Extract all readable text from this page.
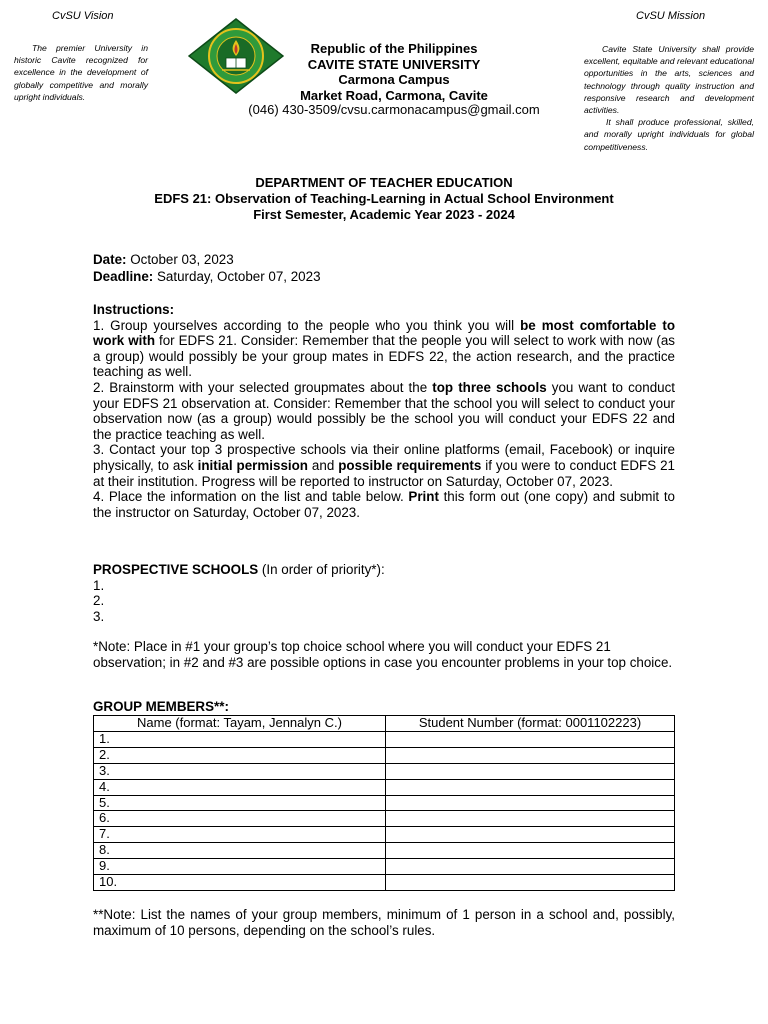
CvSU Vision
The premier University in historic Cavite recognized for excellence in the development of globally competitive and morally upright individuals.
CvSU Mission
Cavite State University shall provide excellent, equitable and relevant educational opportunities in the arts, sciences and technology through quality instruction and responsive research and development activities.
It shall produce professional, skilled, and morally upright individuals for global competitiveness.
Republic of the Philippines
CAVITE STATE UNIVERSITY
Carmona Campus
Market Road, Carmona, Cavite
(046) 430-3509/cvsu.carmonacampus@gmail.com
DEPARTMENT OF TEACHER EDUCATION
EDFS 21: Observation of Teaching-Learning in Actual School Environment
First Semester, Academic Year 2023 - 2024
Date: October 03, 2023
Deadline: Saturday, October 07, 2023
Instructions:
1. Group yourselves according to the people who you think you will be most comfortable to work with for EDFS 21. Consider: Remember that the people you will select to work with now (as a group) would possibly be your group mates in EDFS 22, the action research, and the practice teaching as well.
2. Brainstorm with your selected groupmates about the top three schools you want to conduct your EDFS 21 observation at. Consider: Remember that the school you will select to conduct your observation now (as a group) would possibly be the school you will conduct your EDFS 22 and the practice teaching as well.
3. Contact your top 3 prospective schools via their online platforms (email, Facebook) or inquire physically, to ask initial permission and possible requirements if you were to conduct EDFS 21 at their institution. Progress will be reported to instructor on Saturday, October 07, 2023.
4. Place the information on the list and table below. Print this form out (one copy) and submit to the instructor on Saturday, October 07, 2023.
PROSPECTIVE SCHOOLS (In order of priority*):
1.
2.
3.
*Note: Place in #1 your group’s top choice school where you will conduct your EDFS 21 observation; in #2 and #3 are possible options in case you encounter problems in your top choice.
GROUP MEMBERS**:
Name (format: Tayam, Jennalyn C.)	Student Number (format: 0001102223)
1.	
2.	
3.	
4.	
5.	
6.	
7.	
8.	
9.	
10.	
**Note: List the names of your group members, minimum of 1 person in a school and, possibly, maximum of 10 persons, depending on the school’s rules.
